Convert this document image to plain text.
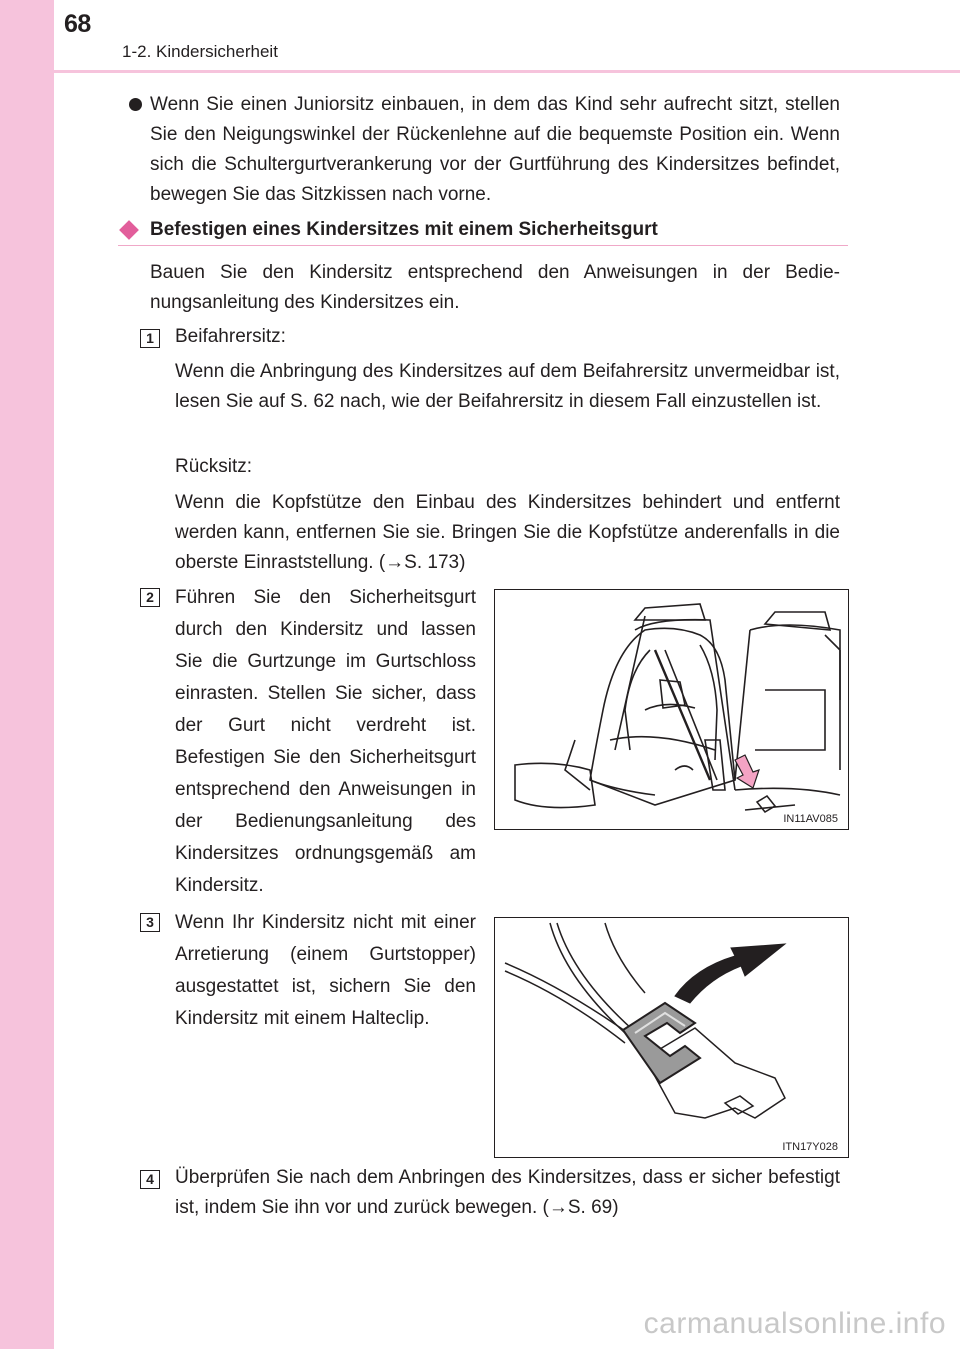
68
1-2. Kindersicherheit
Wenn Sie einen Juniorsitz einbauen, in dem das Kind sehr aufrecht sitzt, stellen Sie den Neigungswinkel der Rückenlehne auf die bequemste Position ein. Wenn sich die Schultergurtverankerung vor der Gurtführung des Kindersitzes befindet, bewegen Sie das Sitzkissen nach vorne.
Befestigen eines Kindersitzes mit einem Sicherheitsgurt
Bauen Sie den Kindersitz entsprechend den Anweisungen in der Bedienungsanleitung des Kindersitzes ein.
1	Beifahrersitz:
Wenn die Anbringung des Kindersitzes auf dem Beifahrersitz unvermeidbar ist, lesen Sie auf S. 62 nach, wie der Beifahrersitz in diesem Fall einzustellen ist.
Rücksitz:
Wenn die Kopfstütze den Einbau des Kindersitzes behindert und entfernt werden kann, entfernen Sie sie. Bringen Sie die Kopfstütze anderenfalls in die oberste Einraststellung. (→S. 173)
2	Führen Sie den Sicherheitsgurt durch den Kindersitz und lassen Sie die Gurtzunge im Gurtschloss einrasten. Stellen Sie sicher, dass der Gurt nicht verdreht ist. Befestigen Sie den Sicherheitsgurt entsprechend den Anweisungen in der Bedienungsanleitung des Kindersitzes ordnungsgemäß am Kindersitz.
IN11AV085
3	Wenn Ihr Kindersitz nicht mit einer Arretierung (einem Gurtstopper) ausgestattet ist, sichern Sie den Kindersitz mit einem Halteclip.
ITN17Y028
4	Überprüfen Sie nach dem Anbringen des Kindersitzes, dass er sicher befestigt ist, indem Sie ihn vor und zurück bewegen. (→S. 69)
carmanualsonline.info
